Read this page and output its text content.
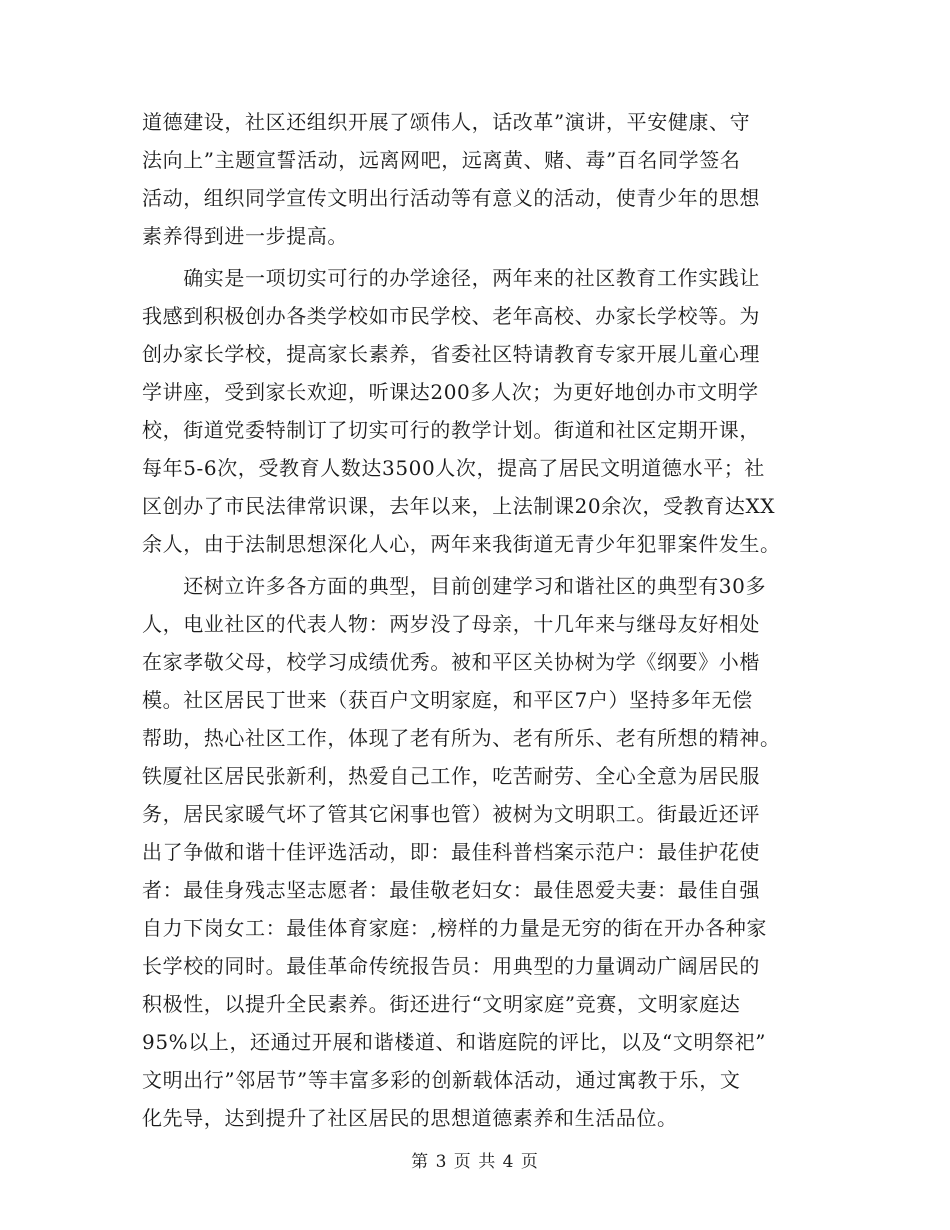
道德建设，社区还组织开展了颂伟人，话改革”演讲，平安健康、守
法向上”主题宣誓活动，远离网吧，远离黄、赌、毒”百名同学签名
活动，组织同学宣传文明出行活动等有意义的活动，使青少年的思想
素养得到进一步提高。
　　确实是一项切实可行的办学途径，两年来的社区教育工作实践让
我感到积极创办各类学校如市民学校、老年高校、办家长学校等。为
创办家长学校，提高家长素养，省委社区特请教育专家开展儿童心理
学讲座，受到家长欢迎，听课达200多人次；为更好地创办市文明学
校，街道党委特制订了切实可行的教学计划。街道和社区定期开课，
每年5-6次，受教育人数达3500人次，提高了居民文明道德水平；社
区创办了市民法律常识课，去年以来，上法制课20余次，受教育达XX
余人，由于法制思想深化人心，两年来我街道无青少年犯罪案件发生。
　　还树立许多各方面的典型，目前创建学习和谐社区的典型有30多
人，电业社区的代表人物：两岁没了母亲，十几年来与继母友好相处
在家孝敬父母，校学习成绩优秀。被和平区关协树为学《纲要》小楷
模。社区居民丁世来（获百户文明家庭，和平区7户）坚持多年无偿
帮助，热心社区工作，体现了老有所为、老有所乐、老有所想的精神。
铁厦社区居民张新利，热爱自己工作，吃苦耐劳、全心全意为居民服
务，居民家暖气坏了管其它闲事也管）被树为文明职工。街最近还评
出了争做和谐十佳评选活动，即：最佳科普档案示范户：最佳护花使
者：最佳身残志坚志愿者：最佳敬老妇女：最佳恩爱夫妻：最佳自强
自力下岗女工：最佳体育家庭：,榜样的力量是无穷的街在开办各种家
长学校的同时。最佳革命传统报告员：用典型的力量调动广阔居民的
积极性，以提升全民素养。街还进行“文明家庭”竞赛，文明家庭达
95%以上，还通过开展和谐楼道、和谐庭院的评比，以及“文明祭祀”
文明出行”邻居节”等丰富多彩的创新载体活动，通过寓教于乐，文
化先导，达到提升了社区居民的思想道德素养和生活品位。
第 3 页 共 4 页
